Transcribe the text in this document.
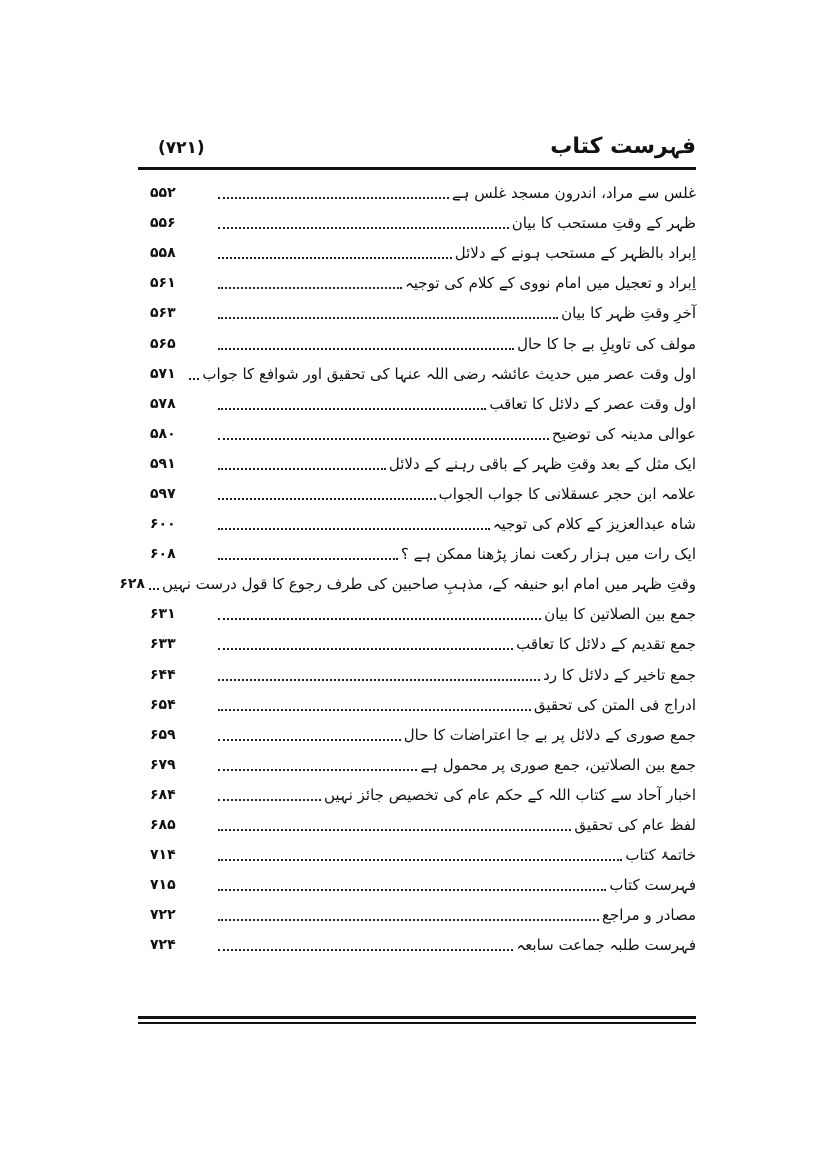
فہرست کتاب
(۷۲۱)
غلس سے مراد، اندرون مسجد غلس ہے
۵۵۲
ظہر کے وقتِ مستحب کا بیان
۵۵۶
اِبراد بالظہر کے مستحب ہونے کے دلائل
۵۵۸
اِبراد و تعجیل میں امام نووی کے کلام کی توجیہ
۵۶۱
آخرِ وقتِ ظہر کا بیان
۵۶۳
مولف کی تاویلِ بے جا کا حال
۵۶۵
اول وقت عصر میں حدیث عائشہ رضی اللہ عنہا کی تحقیق اور شوافع کا جواب
۵۷۱
اول وقت عصر کے دلائل کا تعاقب
۵۷۸
عوالی مدینہ کی توضیح
۵۸۰
ایک مثل کے بعد وقتِ ظہر کے باقی رہنے کے دلائل
۵۹۱
علامہ ابن حجر عسقلانی کا جواب الجواب
۵۹۷
شاہ عبدالعزیز کے کلام کی توجیہ
۶۰۰
ایک رات میں ہزار رکعت نماز پڑھنا ممکن ہے ؟
۶۰۸
وقتِ ظہر میں امام ابو حنیفہ کے، مذہبِ صاحبین کی طرف رجوع کا قول درست نہیں
۶۲۸
جمع بین الصلاتین کا بیان
۶۳۱
جمع تقدیم کے دلائل کا تعاقب
۶۳۳
جمع تاخیر کے دلائل کا رد
۶۴۴
ادراج فی المتن کی تحقیق
۶۵۴
جمع صوری کے دلائل پر بے جا اعتراضات کا حال
۶۵۹
جمع بین الصلاتین، جمع صوری پر محمول ہے
۶۷۹
اخبار آحاد سے کتاب اللہ کے حکم عام کی تخصیص جائز نہیں
۶۸۴
لفظ عام کی تحقیق
۶۸۵
خاتمۂ کتاب
۷۱۴
فہرست کتاب
۷۱۵
مصادر و مراجع
۷۲۲
فہرست طلبہ جماعت سابعہ
۷۲۴
